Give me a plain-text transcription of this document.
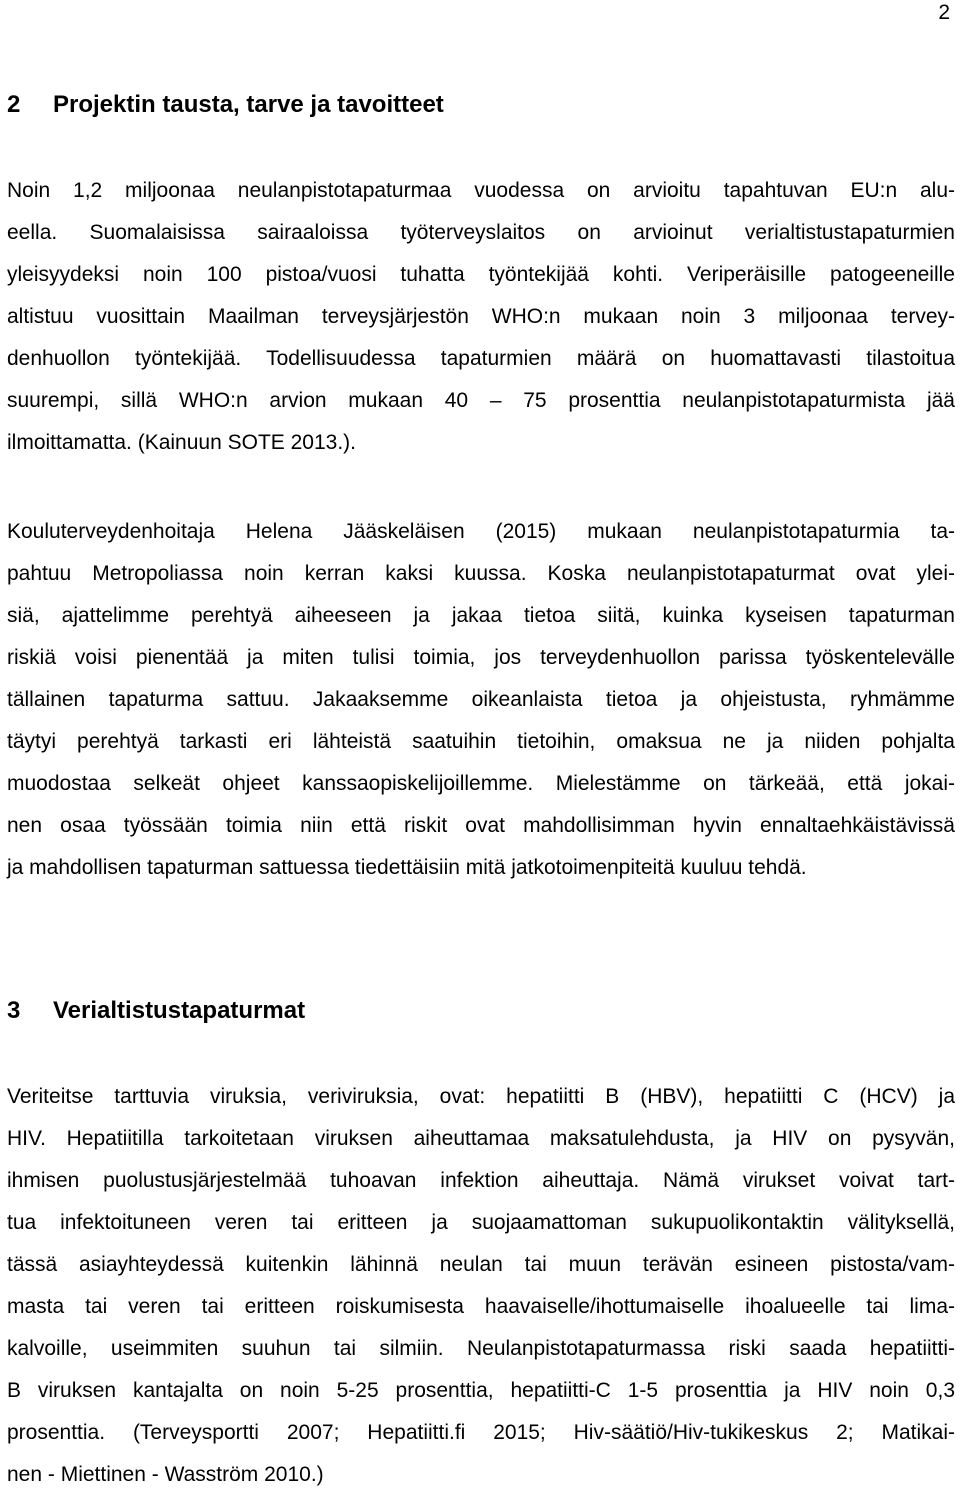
2
2 Projektin tausta, tarve ja tavoitteet
Noin 1,2 miljoonaa neulanpistotapaturmaa vuodessa on arvioitu tapahtuvan EU:n alu-
eella. Suomalaisissa sairaaloissa työterveyslaitos on arvioinut verialtistustapaturmien
yleisyydeksi noin 100 pistoa/vuosi tuhatta työntekijää kohti. Veriperäisille patogeeneille
altistuu vuosittain Maailman terveysjärjestön WHO:n mukaan noin 3 miljoonaa tervey-
denhuollon työntekijää. Todellisuudessa tapaturmien määrä on huomattavasti tilastoitua
suurempi, sillä WHO:n arvion mukaan 40 – 75 prosenttia neulanpistotapaturmista jää
ilmoittamatta. (Kainuun SOTE 2013.).
Kouluterveydenhoitaja Helena Jääskeläisen (2015) mukaan neulanpistotapaturmia ta-
pahtuu Metropoliassa noin kerran kaksi kuussa. Koska neulanpistotapaturmat ovat ylei-
siä, ajattelimme perehtyä aiheeseen ja jakaa tietoa siitä, kuinka kyseisen tapaturman
riskiä voisi pienentää ja miten tulisi toimia, jos terveydenhuollon parissa työskentelevälle
tällainen tapaturma sattuu. Jakaaksemme oikeanlaista tietoa ja ohjeistusta, ryhmämme
täytyi perehtyä tarkasti eri lähteistä saatuihin tietoihin, omaksua ne ja niiden pohjalta
muodostaa selkeät ohjeet kanssaopiskelijoillemme. Mielestämme on tärkeää, että jokai-
nen osaa työssään toimia niin että riskit ovat mahdollisimman hyvin ennaltaehkäistävissä
ja mahdollisen tapaturman sattuessa tiedettäisiin mitä jatkotoimenpiteitä kuuluu tehdä.
3 Verialtistustapaturmat
Veriteitse tarttuvia viruksia, veriviruksia, ovat: hepatiitti B (HBV), hepatiitti C (HCV) ja
HIV. Hepatiitilla tarkoitetaan viruksen aiheuttamaa maksatulehdusta, ja HIV on pysyvän,
ihmisen puolustusjärjestelmää tuhoavan infektion aiheuttaja. Nämä virukset voivat tart-
tua infektoituneen veren tai eritteen ja suojaamattoman sukupuolikontaktin välityksellä,
tässä asiayhteydessä kuitenkin lähinnä neulan tai muun terävän esineen pistosta/vam-
masta tai veren tai eritteen roiskumisesta haavaiselle/ihottumaiselle ihoalueelle tai lima-
kalvoille, useimmiten suuhun tai silmiin. Neulanpistotapaturmassa riski saada hepatiitti-
B viruksen kantajalta on noin 5-25 prosenttia, hepatiitti-C 1-5 prosenttia ja HIV noin 0,3
prosenttia. (Terveysportti 2007; Hepatiitti.fi 2015; Hiv-säätiö/Hiv-tukikeskus 2; Matikai-
nen - Miettinen - Wasström 2010.)
